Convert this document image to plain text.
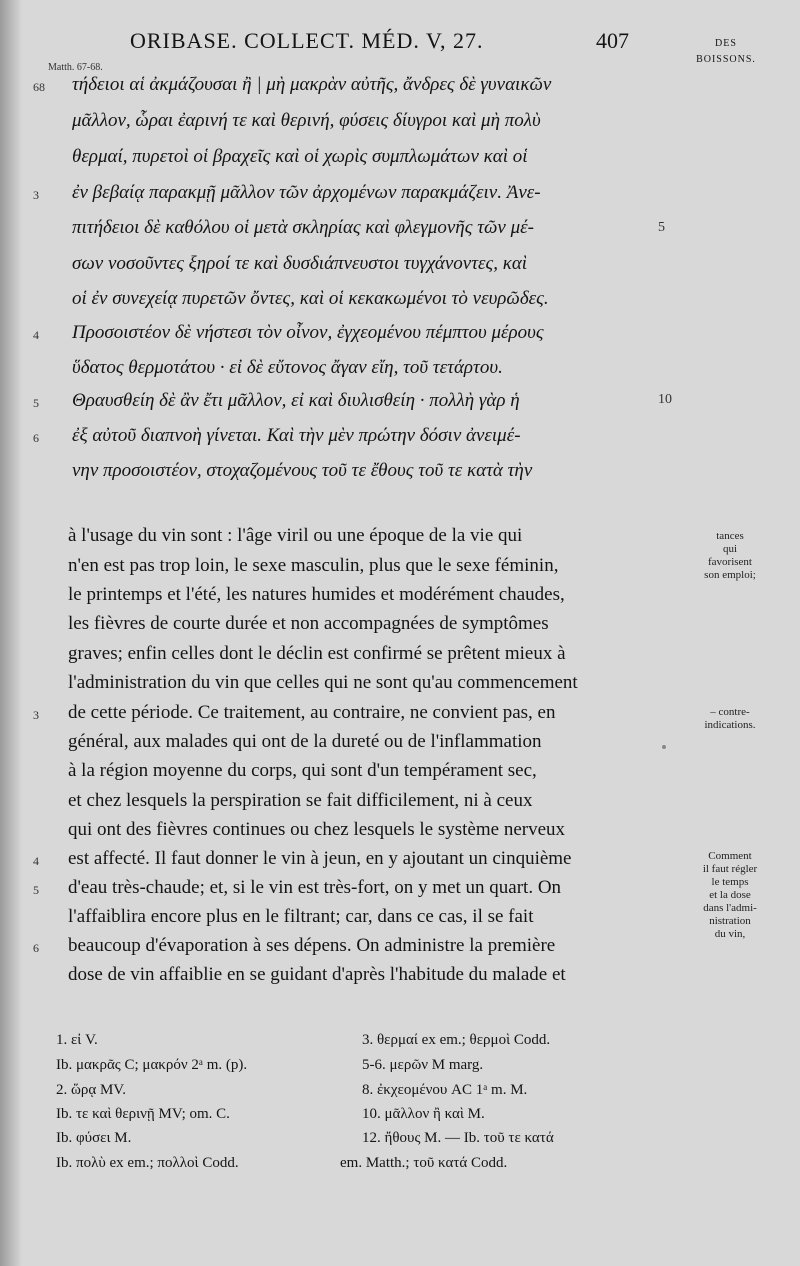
ORIBASE. COLLECT. MÉD. V, 27.	407	DES
BOISSONS.
Matth. 67-68.
τήδειοι αἱ ἀκμάζουσαι ἢ | μὴ μακρὰν αὐτῆς, ἄνδρες δὲ γυναικῶν
μᾶλλον, ὧραι ἐαρινή τε καὶ θερινή, φύσεις δίυγροι καὶ μὴ πολὺ
θερμαί, πυρετοὶ οἱ βραχεῖς καὶ οἱ χωρὶς συμπλωμάτων καὶ οἱ
ἐν βεβαίᾳ παρακμῇ μᾶλλον τῶν ἀρχομένων παρακμάζειν. Ἀνε-
πιτήδειοι δὲ καθόλου οἱ μετὰ σκληρίας καὶ φλεγμονῆς τῶν μέ-
σων νοσοῦντες ξηροί τε καὶ δυσδιάπνευστοι τυγχάνοντες, καὶ
οἱ ἐν συνεχείᾳ πυρετῶν ὄντες, καὶ οἱ κεκακωμένοι τὸ νευρῶδες.
Προσοιστέον δὲ νήστεσι τὸν οἶνον, ἐγχεομένου πέμπτου μέρους
ὕδατος θερμοτάτου · εἰ δὲ εὔτονος ἄγαν εἴη, τοῦ τετάρτου.
Θραυσθείη δὲ ἂν ἔτι μᾶλλον, εἰ καὶ διυλισθείη · πολλὴ γὰρ ἡ
ἐξ αὐτοῦ διαπνοὴ γίνεται. Καὶ τὴν μὲν πρώτην δόσιν ἀνειμέ-
νην προσοιστέον, στοχαζομένους τοῦ τε ἔθους τοῦ τε κατὰ τὴν
68
3
4
5
6
5
10
à l'usage du vin sont : l'âge viril ou une époque de la vie qui
n'en est pas trop loin, le sexe masculin, plus que le sexe féminin,
le printemps et l'été, les natures humides et modérément chaudes,
les fièvres de courte durée et non accompagnées de symptômes
graves; enfin celles dont le déclin est confirmé se prêtent mieux à
l'administration du vin que celles qui ne sont qu'au commencement
de cette période. Ce traitement, au contraire, ne convient pas, en
général, aux malades qui ont de la dureté ou de l'inflammation
à la région moyenne du corps, qui sont d'un tempérament sec,
et chez lesquels la perspiration se fait difficilement, ni à ceux
qui ont des fièvres continues ou chez lesquels le système nerveux
est affecté. Il faut donner le vin à jeun, en y ajoutant un cinquième
d'eau très-chaude; et, si le vin est très-fort, on y met un quart. On
l'affaiblira encore plus en le filtrant; car, dans ce cas, il se fait
beaucoup d'évaporation à ses dépens. On administre la première
dose de vin affaiblie en se guidant d'après l'habitude du malade et
3
4
5
6
tances
qui
favorisent
son emploi;
– contre-
indications.
Comment
il faut régler
le temps
et la dose
dans l'admi-
nistration
du vin,
1. εἰ V.
Ib. μακρᾶς C; μακρόν 2ᵃ m. (p).
2. ὥρᾳ MV.
Ib. τε καὶ θερινῇ MV; om. C.
Ib. φύσει M.
Ib. πολὺ ex em.; πολλοὶ Codd.
3. θερμαί ex em.; θερμοὶ Codd.
5-6. μερῶν M marg.
8. ἐκχεομένου AC 1ᵃ m. M.
10. μᾶλλον ἢ καὶ M.
12. ἤθους M. — Ib. τοῦ τε κατά
em. Matth.; τοῦ κατά Codd.
